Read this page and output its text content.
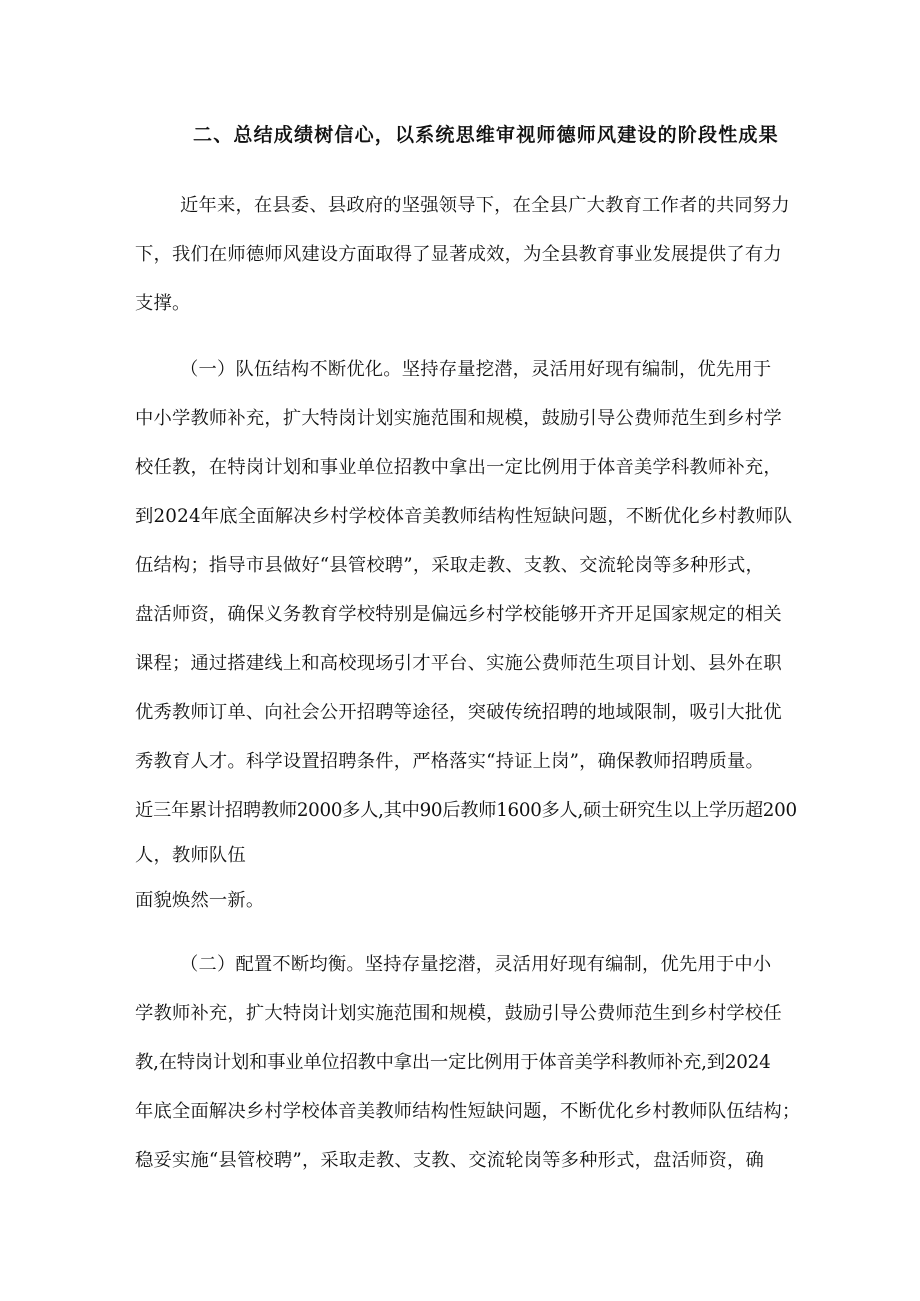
二、总结成绩树信心，以系统思维审视师德师风建设的阶段性成果
近年来，在县委、县政府的坚强领导下，在全县广大教育工作者的共同努力
下，我们在师德师风建设方面取得了显著成效，为全县教育事业发展提供了有力
支撑。
（一）队伍结构不断优化。坚持存量挖潜，灵活用好现有编制，优先用于
中小学教师补充，扩大特岗计划实施范围和规模，鼓励引导公费师范生到乡村学
校任教，在特岗计划和事业单位招教中拿出一定比例用于体音美学科教师补充，
到2024年底全面解决乡村学校体音美教师结构性短缺问题，不断优化乡村教师队
伍结构；指导市县做好“县管校聘”，采取走教、支教、交流轮岗等多种形式，
盘活师资，确保义务教育学校特别是偏远乡村学校能够开齐开足国家规定的相关
课程；通过搭建线上和高校现场引才平台、实施公费师范生项目计划、县外在职
优秀教师订单、向社会公开招聘等途径，突破传统招聘的地域限制，吸引大批优
秀教育人才。科学设置招聘条件，严格落实“持证上岗”，确保教师招聘质量。
近三年累计招聘教师2000多人,其中90后教师1600多人,硕士研究生以上学历超200
人，教师队伍
面貌焕然一新。
（二）配置不断均衡。坚持存量挖潜，灵活用好现有编制，优先用于中小
学教师补充，扩大特岗计划实施范围和规模，鼓励引导公费师范生到乡村学校任
教,在特岗计划和事业单位招教中拿出一定比例用于体音美学科教师补充,到2024
年底全面解决乡村学校体音美教师结构性短缺问题，不断优化乡村教师队伍结构；
稳妥实施“县管校聘”，采取走教、支教、交流轮岗等多种形式，盘活师资，确
